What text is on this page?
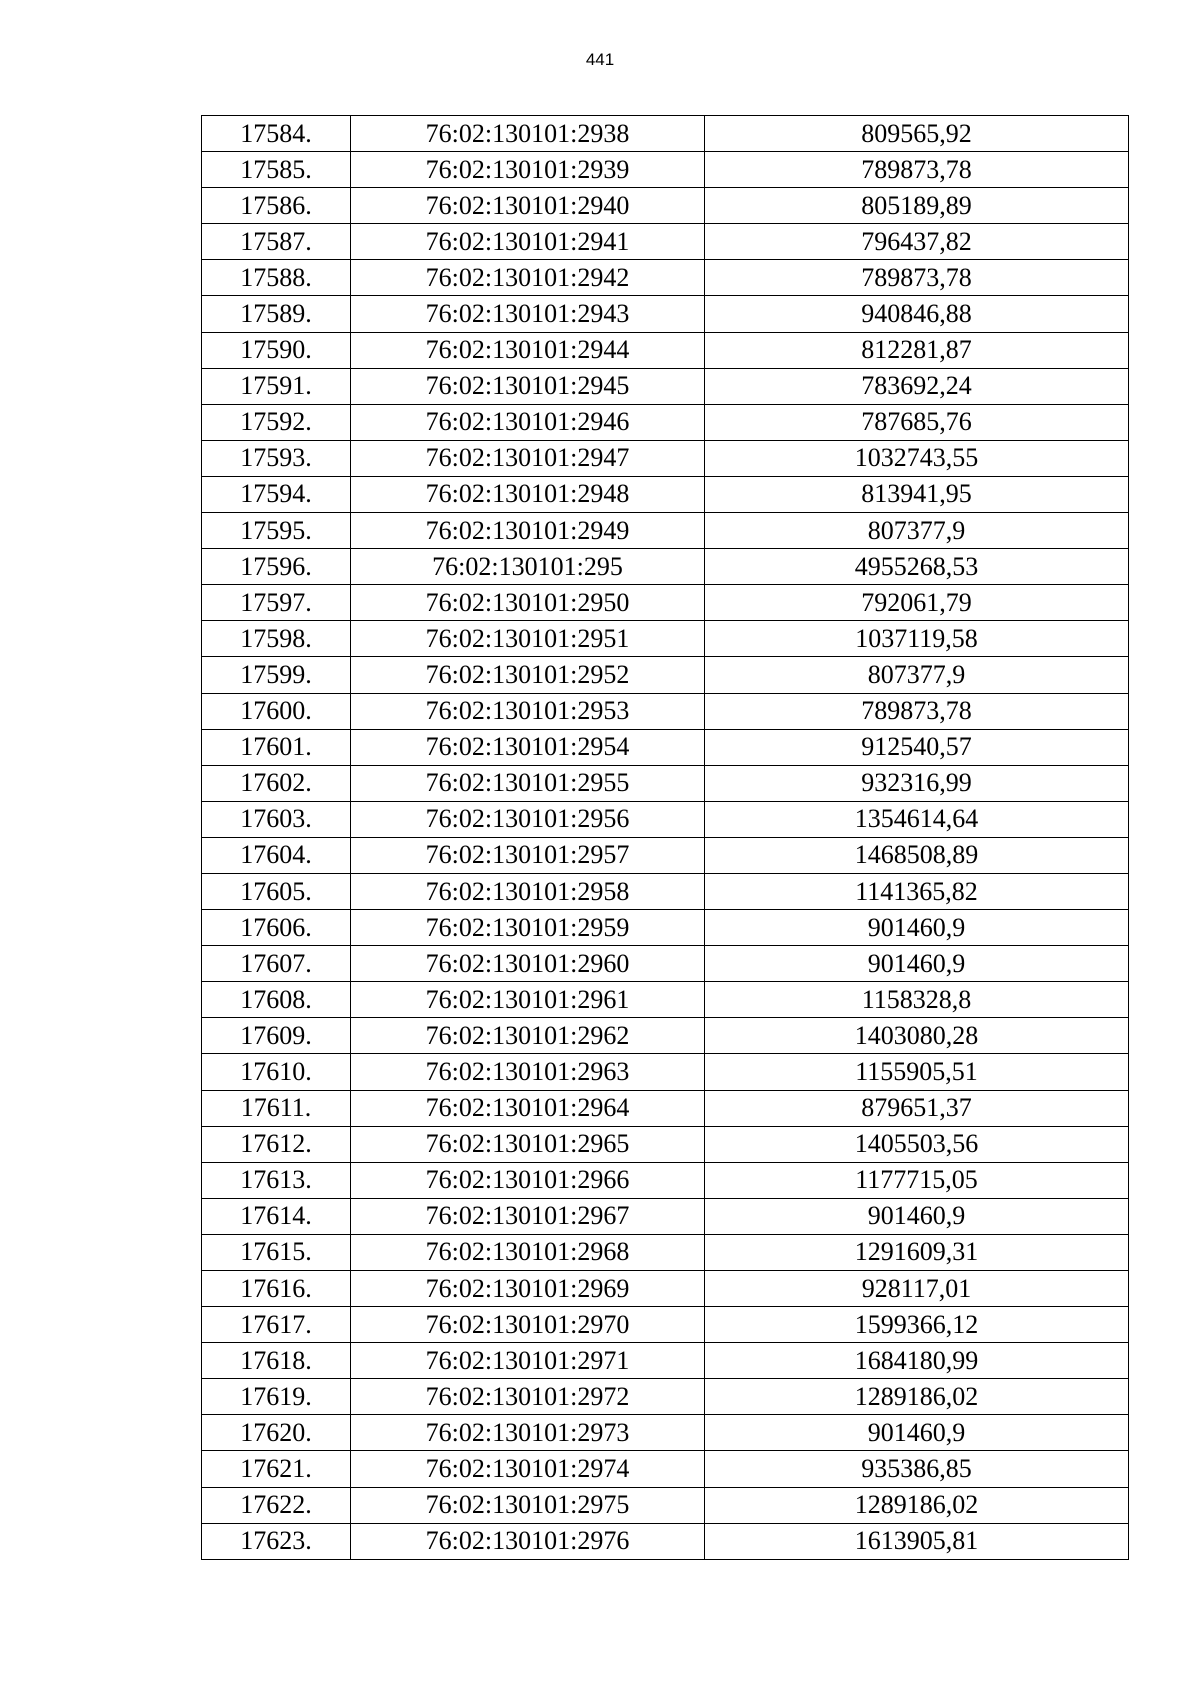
441
17584.	76:02:130101:2938	809565,92
17585.	76:02:130101:2939	789873,78
17586.	76:02:130101:2940	805189,89
17587.	76:02:130101:2941	796437,82
17588.	76:02:130101:2942	789873,78
17589.	76:02:130101:2943	940846,88
17590.	76:02:130101:2944	812281,87
17591.	76:02:130101:2945	783692,24
17592.	76:02:130101:2946	787685,76
17593.	76:02:130101:2947	1032743,55
17594.	76:02:130101:2948	813941,95
17595.	76:02:130101:2949	807377,9
17596.	76:02:130101:295	4955268,53
17597.	76:02:130101:2950	792061,79
17598.	76:02:130101:2951	1037119,58
17599.	76:02:130101:2952	807377,9
17600.	76:02:130101:2953	789873,78
17601.	76:02:130101:2954	912540,57
17602.	76:02:130101:2955	932316,99
17603.	76:02:130101:2956	1354614,64
17604.	76:02:130101:2957	1468508,89
17605.	76:02:130101:2958	1141365,82
17606.	76:02:130101:2959	901460,9
17607.	76:02:130101:2960	901460,9
17608.	76:02:130101:2961	1158328,8
17609.	76:02:130101:2962	1403080,28
17610.	76:02:130101:2963	1155905,51
17611.	76:02:130101:2964	879651,37
17612.	76:02:130101:2965	1405503,56
17613.	76:02:130101:2966	1177715,05
17614.	76:02:130101:2967	901460,9
17615.	76:02:130101:2968	1291609,31
17616.	76:02:130101:2969	928117,01
17617.	76:02:130101:2970	1599366,12
17618.	76:02:130101:2971	1684180,99
17619.	76:02:130101:2972	1289186,02
17620.	76:02:130101:2973	901460,9
17621.	76:02:130101:2974	935386,85
17622.	76:02:130101:2975	1289186,02
17623.	76:02:130101:2976	1613905,81
